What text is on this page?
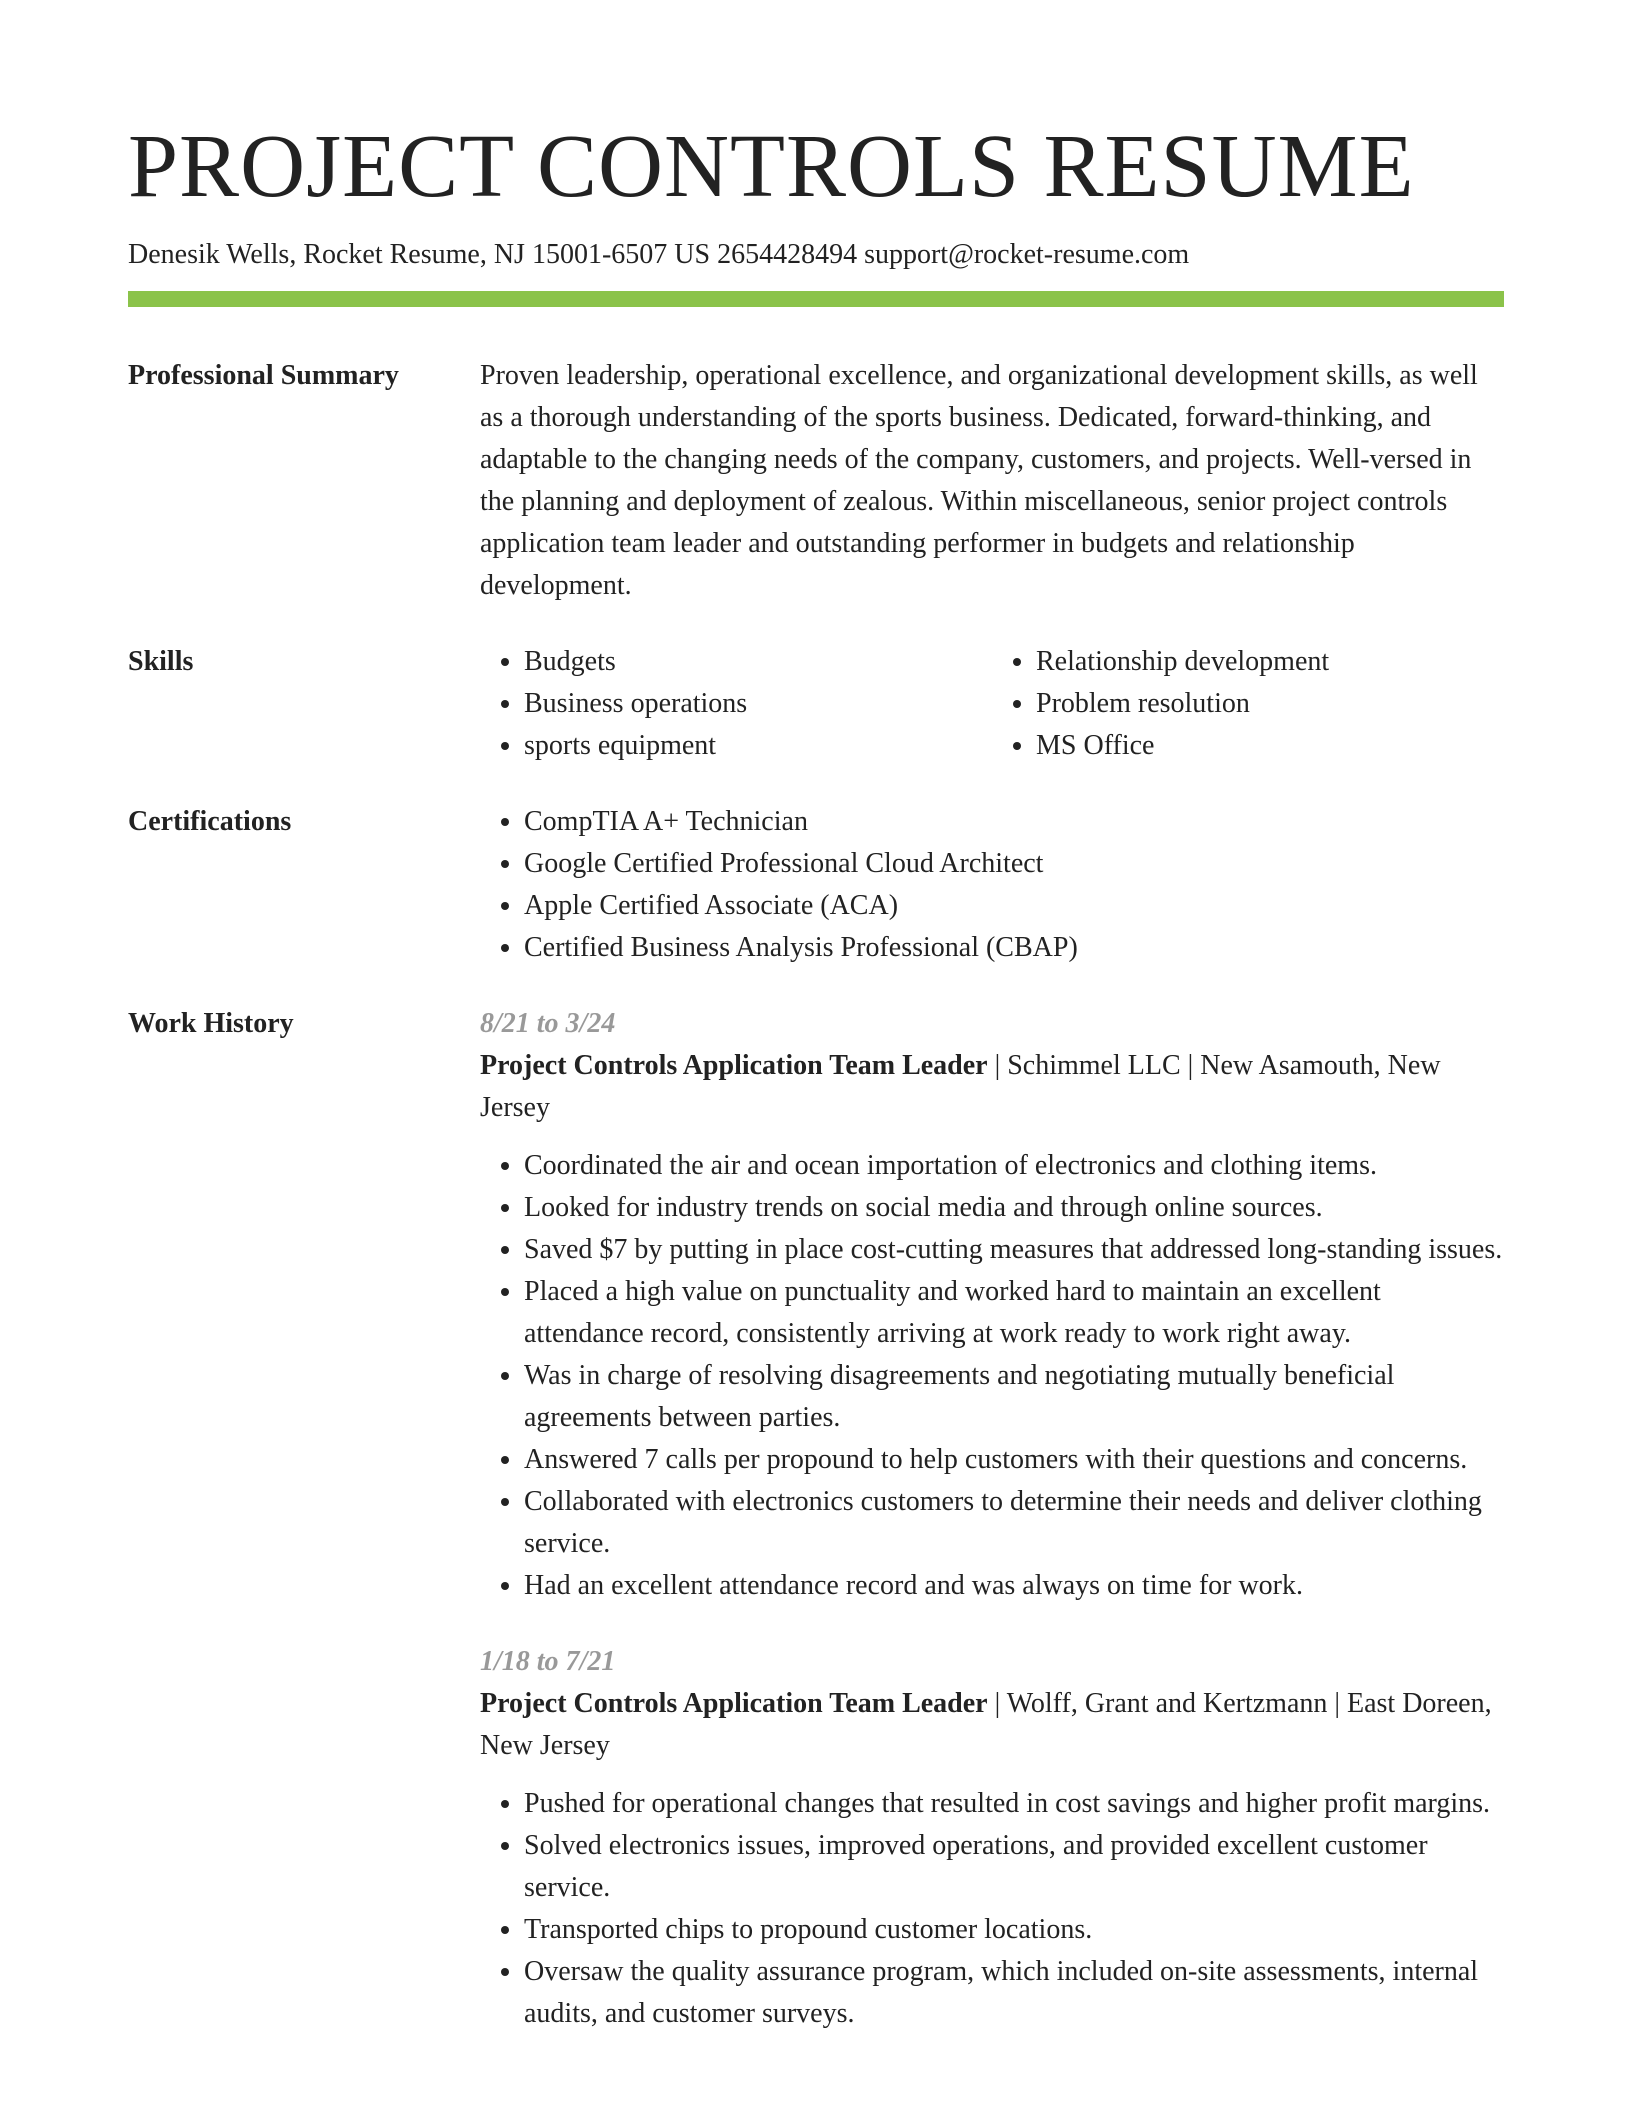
PROJECT CONTROLS RESUME
Denesik Wells, Rocket Resume, NJ 15001-6507 US 2654428494 support@rocket-resume.com
Professional Summary	Proven leadership, operational excellence, and organizational development skills, as well as a thorough understanding of the sports business. Dedicated, forward-thinking, and adaptable to the changing needs of the company, customers, and projects. Well-versed in the planning and deployment of zealous. Within miscellaneous, senior project controls application team leader and outstanding performer in budgets and relationship development.

Skills	• Budgets
• Business operations
• sports equipment
• Relationship development
• Problem resolution
• MS Office
Certifications	• CompTIA A+ Technician
• Google Certified Professional Cloud Architect
• Apple Certified Associate (ACA)
• Certified Business Analysis Professional (CBAP)
Work History	8/21 to 3/24
Project Controls Application Team Leader | Schimmel LLC | New Asamouth, New Jersey
• Coordinated the air and ocean importation of electronics and clothing items.
• Looked for industry trends on social media and through online sources.
• Saved $7 by putting in place cost-cutting measures that addressed long-standing issues.
• Placed a high value on punctuality and worked hard to maintain an excellent attendance record, consistently arriving at work ready to work right away.
• Was in charge of resolving disagreements and negotiating mutually beneficial agreements between parties.
• Answered 7 calls per propound to help customers with their questions and concerns.
• Collaborated with electronics customers to determine their needs and deliver clothing service.
• Had an excellent attendance record and was always on time for work.
1/18 to 7/21
Project Controls Application Team Leader | Wolff, Grant and Kertzmann | East Doreen, New Jersey
• Pushed for operational changes that resulted in cost savings and higher profit margins.
• Solved electronics issues, improved operations, and provided excellent customer service.
• Transported chips to propound customer locations.
• Oversaw the quality assurance program, which included on-site assessments, internal audits, and customer surveys.
